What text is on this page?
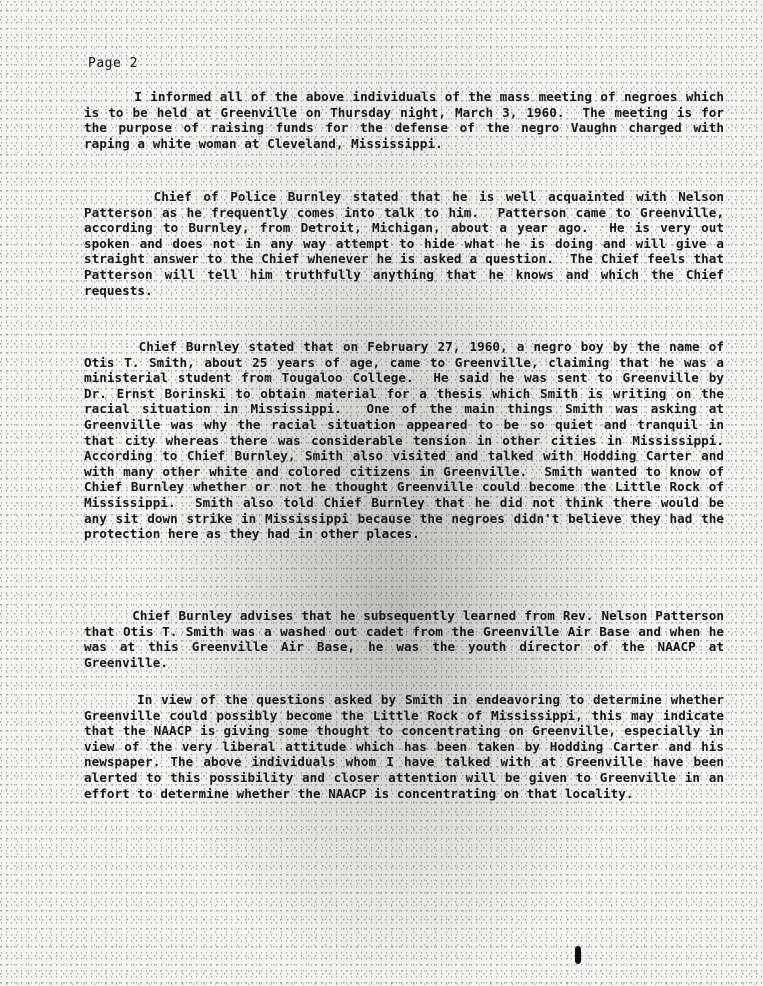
Page 2
I informed all of the above individuals of the mass meeting of negroes which is to be held at Greenville on Thursday night, March 3, 1960.  The meeting is for the purpose of raising funds for the defense of the negro Vaughn charged with raping a white woman at Cleveland, Mississippi.
Chief of Police Burnley stated that he is well acquainted with Nelson Patterson as he frequently comes into talk to him.  Patterson came to Greenville, according to Burnley, from Detroit, Michigan, about a year ago.  He is very out spoken and does not in any way attempt to hide what he is doing and will give a straight answer to the Chief whenever he is asked a question.  The Chief feels that Patterson will tell him truthfully anything that he knows and which the Chief requests.
Chief Burnley stated that on February 27, 1960, a negro boy by the name of Otis T. Smith, about 25 years of age, came to Greenville, claiming that he was a ministerial student from Tougaloo College.  He said he was sent to Greenville by Dr. Ernst Borinski to obtain material for a thesis which Smith is writing on the racial situation in Mississippi.  One of the main things Smith was asking at Greenville was why the racial situation appeared to be so quiet and tranquil in that city whereas there was considerable tension in other cities in Mississippi.  According to Chief Burnley, Smith also visited and talked with Hodding Carter and with many other white and colored citizens in Greenville.  Smith wanted to know of Chief Burnley whether or not he thought Greenville could become the Little Rock of Mississippi.  Smith also told Chief Burnley that he did not think there would be any sit down strike in Mississippi because the negroes didn't believe they had the protection here as they had in other places.
Chief Burnley advises that he subsequently learned from Rev. Nelson Patterson that Otis T. Smith was a washed out cadet from the Greenville Air Base and when he was at this Greenville Air Base, he was the youth director of the NAACP at Greenville.
In view of the questions asked by Smith in endeavoring to determine whether Greenville could possibly become the Little Rock of Mississippi, this may indicate that the NAACP is giving some thought to concentrating on Greenville, especially in view of the very liberal attitude which has been taken by Hodding Carter and his newspaper. The above individuals whom I have talked with at Greenville have been alerted to this possibility and closer attention will be given to Greenville in an effort to determine whether the NAACP is concentrating on that locality.
